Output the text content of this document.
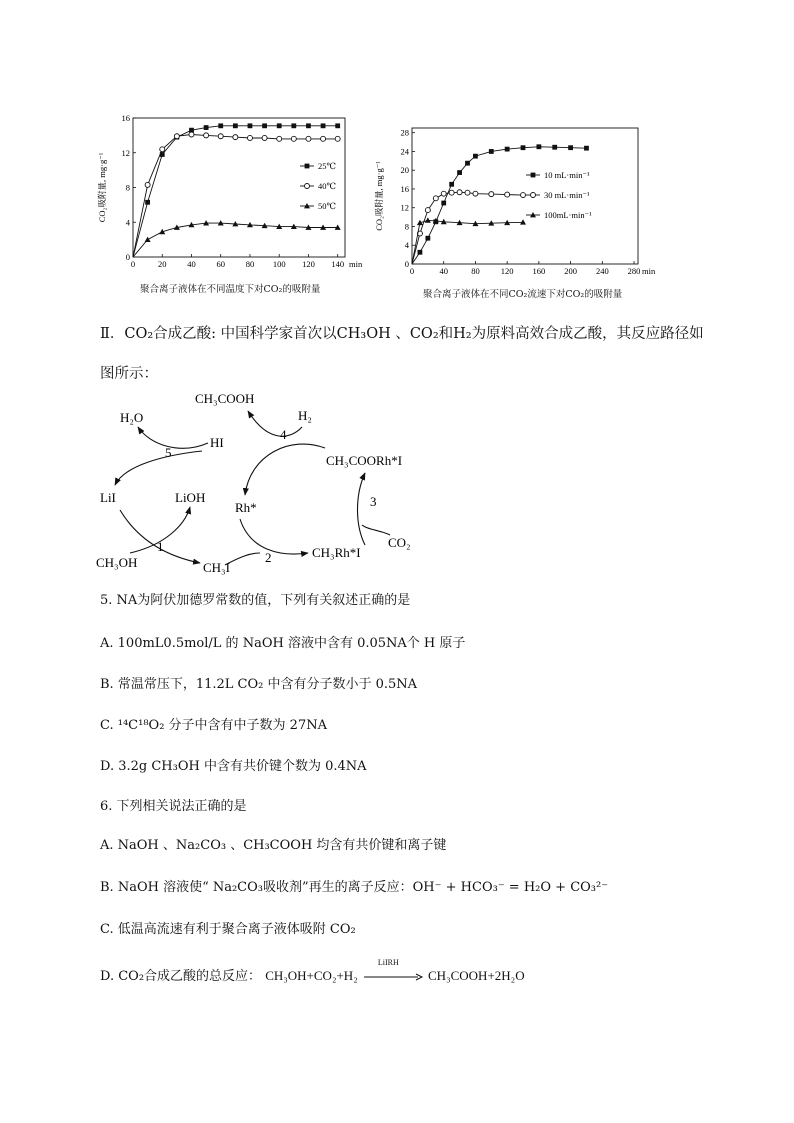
0	20 40 60 80 100 120 140 min
0
4
8
12
16
CO₂吸附量, mg·g⁻¹	25℃
40℃
50℃
聚合离子液体在不同温度下对CO₂的吸附量
0	40	80 120 160 200 240 280 min
0
4
8
12
16
20
24
28
CO₂吸附量, mg·g⁻¹	10 mL·min⁻¹
30 mL·min⁻¹
100mL·min⁻¹
聚合离子液体在不同CO₂流速下对CO₂的吸附量
Ⅱ．CO₂合成乙酸: 中国科学家首次以CH₃OH 、CO₂和H₂为原料高效合成乙酸，其反应路径如
图所示：
CH₃COOH
H₂
H₂O
HI
CH₃COORh*I
LiI	LiOH
Rh*
CO₂
CH₃OH	CH₃I
CH₃Rh*I
1
2
3
4
5
5. NA为阿伏加德罗常数的值，下列有关叙述正确的是
A. 100mL0.5mol/L 的 NaOH 溶液中含有 0.05NA个 H 原子
B. 常温常压下，11.2L CO₂ 中含有分子数小于 0.5NA
C. ¹⁴C¹⁸O₂ 分子中含有中子数为 27NA
D. 3.2g CH₃OH 中含有共价键个数为 0.4NA
6. 下列相关说法正确的是
A. NaOH 、Na₂CO₃ 、CH₃COOH 均含有共价键和离子键
B. NaOH 溶液使“ Na₂CO₃吸收剂”再生的离子反应：OH⁻ + HCO₃⁻ = H₂O + CO₃²⁻
C. 低温高流速有利于聚合离子液体吸附 CO₂
D. CO₂合成乙酸的总反应： CH₃OH+CO₂+H₂
LiIRH
CH₃COOH+2H₂O
